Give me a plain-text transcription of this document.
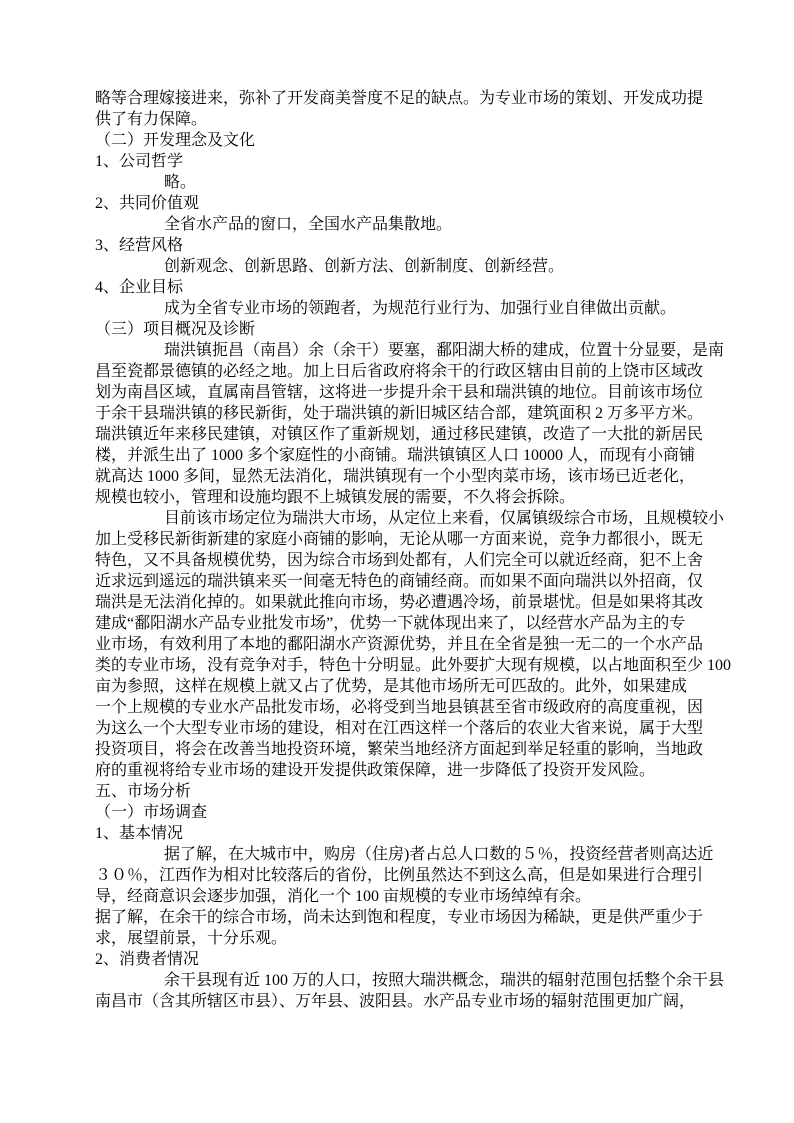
略等合理嫁接进来，弥补了开发商美誉度不足的缺点。为专业市场的策划、开发成功提
供了有力保障。
（二）开发理念及文化
1、公司哲学
略。
2、共同价值观
全省水产品的窗口，全国水产品集散地。
3、经营风格
创新观念、创新思路、创新方法、创新制度、创新经营。
4、企业目标
成为全省专业市场的领跑者，为规范行业行为、加强行业自律做出贡献。
（三）项目概况及诊断
瑞洪镇扼昌（南昌）余（余干）要塞，鄱阳湖大桥的建成，位置十分显要，是南
昌至瓷都景德镇的必经之地。加上日后省政府将余干的行政区辖由目前的上饶市区域改
划为南昌区域，直属南昌管辖，这将进一步提升余干县和瑞洪镇的地位。目前该市场位
于余干县瑞洪镇的移民新街，处于瑞洪镇的新旧城区结合部，建筑面积 2 万多平方米。
瑞洪镇近年来移民建镇，对镇区作了重新规划，通过移民建镇，改造了一大批的新居民
楼，并派生出了 1000 多个家庭性的小商铺。瑞洪镇镇区人口 10000 人，而现有小商铺
就高达 1000 多间，显然无法消化，瑞洪镇现有一个小型肉菜市场，该市场已近老化，
规模也较小，管理和设施均跟不上城镇发展的需要，不久将会拆除。
目前该市场定位为瑞洪大市场，从定位上来看，仅属镇级综合市场，且规模较小
加上受移民新街新建的家庭小商铺的影响，无论从哪一方面来说，竞争力都很小，既无
特色，又不具备规模优势，因为综合市场到处都有，人们完全可以就近经商，犯不上舍
近求远到遥远的瑞洪镇来买一间毫无特色的商铺经商。而如果不面向瑞洪以外招商，仅
瑞洪是无法消化掉的。如果就此推向市场，势必遭遇冷场，前景堪忧。但是如果将其改
建成“鄱阳湖水产品专业批发市场”，优势一下就体现出来了，以经营水产品为主的专
业市场，有效利用了本地的鄱阳湖水产资源优势，并且在全省是独一无二的一个水产品
类的专业市场，没有竞争对手，特色十分明显。此外要扩大现有规模，以占地面积至少 100
亩为参照，这样在规模上就又占了优势，是其他市场所无可匹敌的。此外，如果建成
一个上规模的专业水产品批发市场，必将受到当地县镇甚至省市级政府的高度重视，因
为这么一个大型专业市场的建设，相对在江西这样一个落后的农业大省来说，属于大型
投资项目，将会在改善当地投资环境，繁荣当地经济方面起到举足轻重的影响，当地政
府的重视将给专业市场的建设开发提供政策保障，进一步降低了投资开发风险。
五、市场分析
（一）市场调查
1、基本情况
据了解，在大城市中，购房（住房)者占总人口数的５％，投资经营者则高达近
３０％，江西作为相对比较落后的省份，比例虽然达不到这么高，但是如果进行合理引
导，经商意识会逐步加强，消化一个 100 亩规模的专业市场绰绰有余。
据了解，在余干的综合市场，尚未达到饱和程度，专业市场因为稀缺，更是供严重少于
求，展望前景，十分乐观。
2、消费者情况
余干县现有近 100 万的人口，按照大瑞洪概念，瑞洪的辐射范围包括整个余干县
南昌市（含其所辖区市县）、万年县、波阳县。水产品专业市场的辐射范围更加广阔，
